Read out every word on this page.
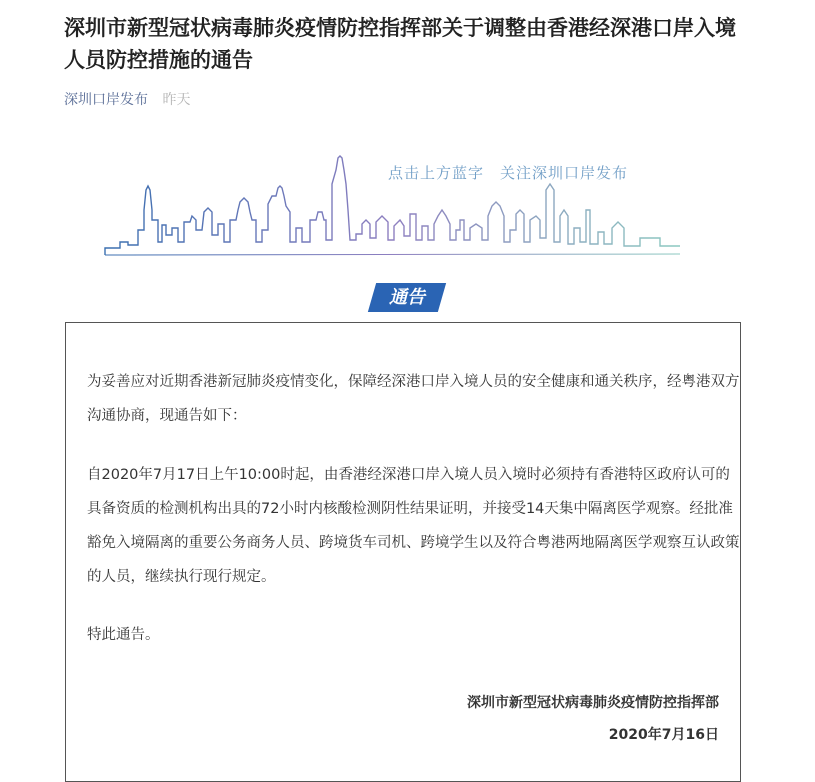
深圳市新型冠状病毒肺炎疫情防控指挥部关于调整由香港经深港口岸入境人员防控措施的通告
深圳口岸发布 昨天
点击上方蓝字　关注深圳口岸发布
通告

为妥善应对近期香港新冠肺炎疫情变化，保障经深港口岸入境人员的安全健康和通关秩序，经粤港双方沟通协商，现通告如下：

自2020年7月17日上午10:00时起，由香港经深港口岸入境人员入境时必须持有香港特区政府认可的具备资质的检测机构出具的72小时内核酸检测阴性结果证明，并接受14天集中隔离医学观察。经批准豁免入境隔离的重要公务商务人员、跨境货车司机、跨境学生以及符合粤港两地隔离医学观察互认政策的人员，继续执行现行规定。

特此通告。

深圳市新型冠状病毒肺炎疫情防控指挥部
2020年7月16日
